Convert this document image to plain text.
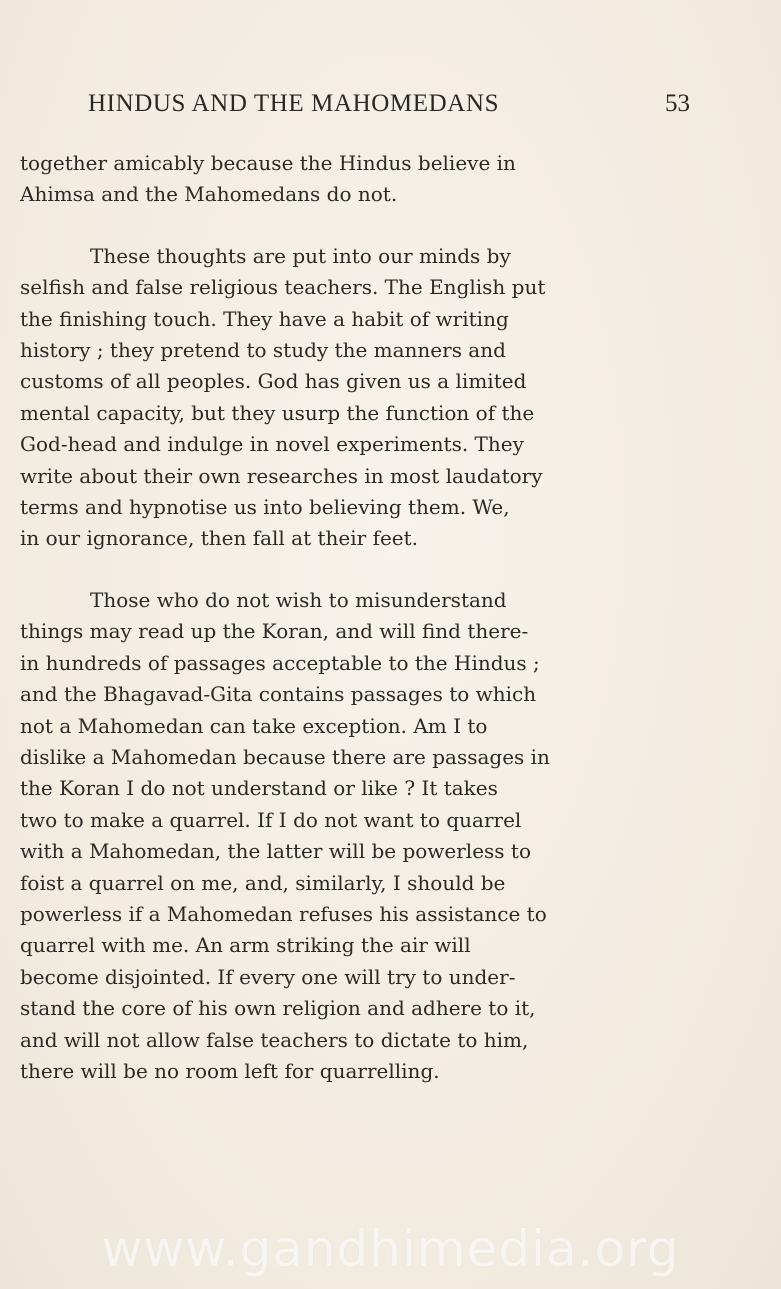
HINDUS AND THE MAHOMEDANS	53

together amicably because the Hindus believe in
Ahimsa and the Mahomedans do not.

These thoughts are put into our minds by
selfish and false religious teachers. The English put
the finishing touch. They have a habit of writing
history ; they pretend to study the manners and
customs of all peoples. God has given us a limited
mental capacity, but they usurp the function of the
God-head and indulge in novel experiments. They
write about their own researches in most laudatory
terms and hypnotise us into believing them. We,
in our ignorance, then fall at their feet.

Those who do not wish to misunderstand
things may read up the Koran, and will find there-
in hundreds of passages acceptable to the Hindus ;
and the Bhagavad-Gita contains passages to which
not a Mahomedan can take exception. Am I to
dislike a Mahomedan because there are passages in
the Koran I do not understand or like ? It takes
two to make a quarrel. If I do not want to quarrel
with a Mahomedan, the latter will be powerless to
foist a quarrel on me, and, similarly, I should be
powerless if a Mahomedan refuses his assistance to
quarrel with me. An arm striking the air will
become disjointed. If every one will try to under-
stand the core of his own religion and adhere to it,
and will not allow false teachers to dictate to him,
there will be no room left for quarrelling.

www.gandhimedia.org
